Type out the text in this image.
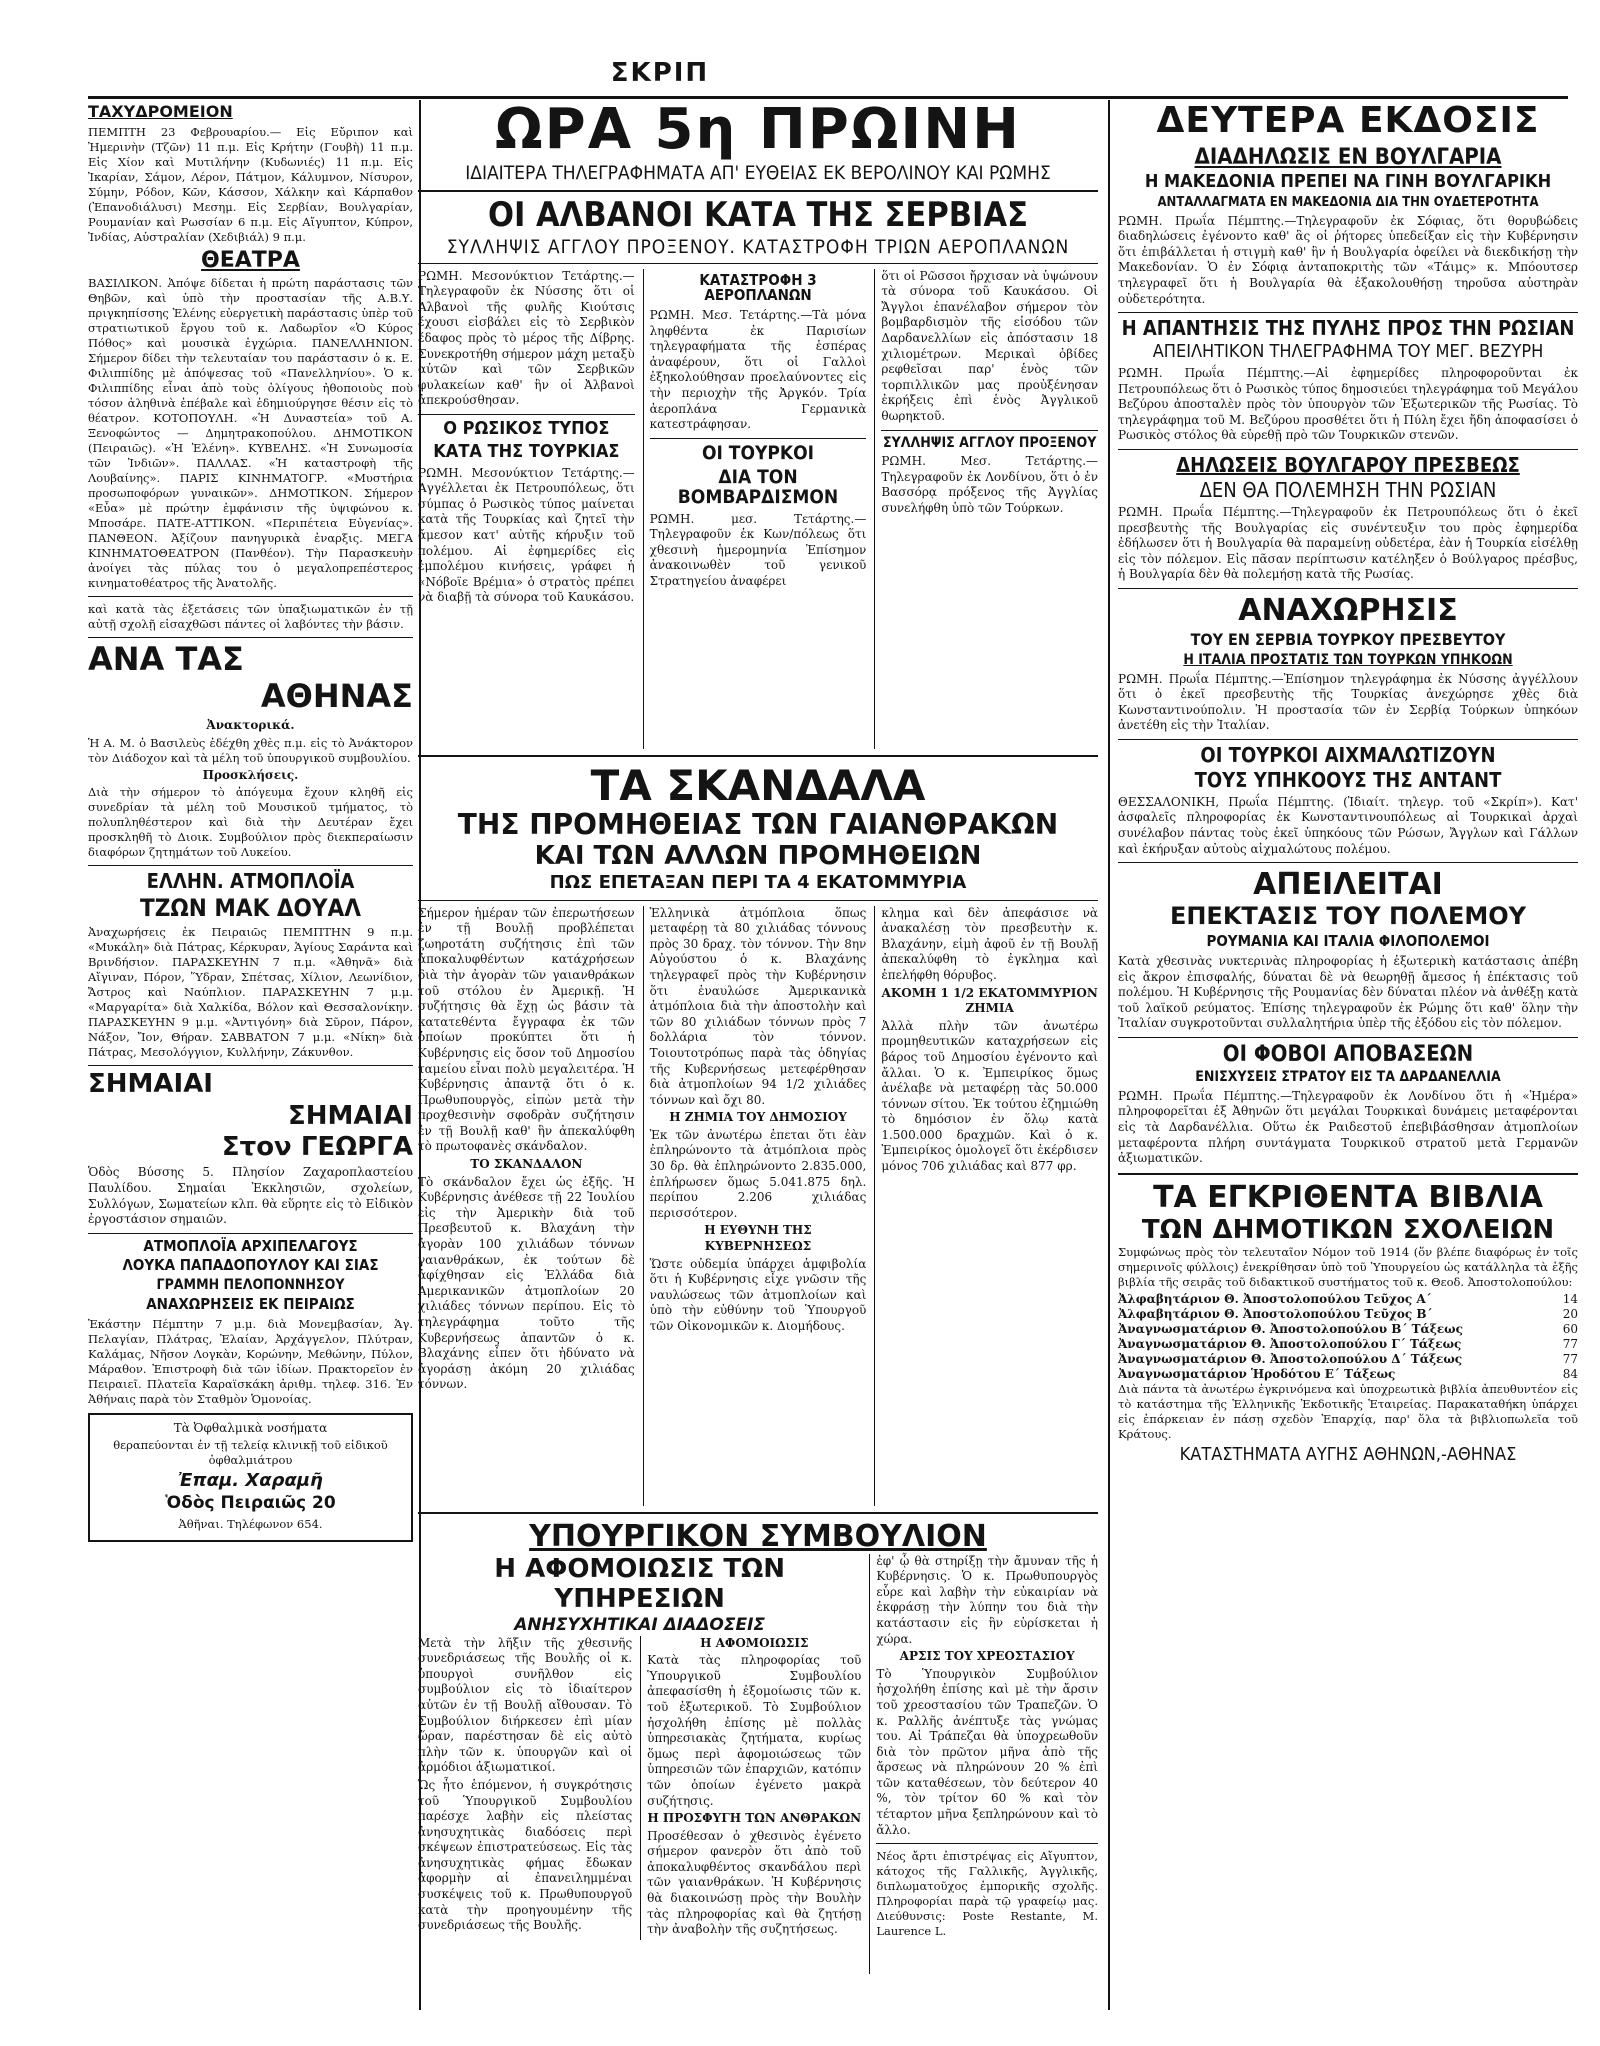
ΣΚΡΙΠ
ΤΑΧΥΔΡΟΜΕΙΟΝ

ΠΕΜΠΤΗ 23 Φεβρουαρίου.— Εἰς Εὔριπον καὶ Ἠμερινὴν (Τζῶν) 11 π.μ. Εἰς Κρήτην (Γουβὴ) 11 π.μ. Εἰς Χίον καὶ Μυτιλήνην (Κυδωνιές) 11 π.μ. Εἰς Ἰκαρίαν, Σάμον, Λέρον, Πάτμον, Κάλυμνον, Νίσυρον, Σύμην, Ρόδον, Κῶν, Κάσσον, Χάλκην καὶ Κάρπαθον (Ἐπανοδιάλυσι) Μεσημ. Εἰς Σερβίαν, Βουλγαρίαν, Ρουμανίαν καὶ Ρωσσίαν 6 π.μ. Εἰς Αἴγυπτον, Κύπρον, Ἰνδίας, Αὐστραλίαν (Χεδιβιάλ) 9 π.μ.

ΘΕΑΤΡΑ

ΒΑΣΙΛΙΚΟΝ. Ἀπόψε δίδεται ἡ πρώτη παράστασις τῶν Θηβῶν, καὶ ὑπὸ τὴν προστασίαν τῆς Α.Β.Υ. πριγκηπίσσης Ἑλένης εὐεργετικὴ παράστασις ὑπὲρ τοῦ στρατιωτικοῦ ἔργου τοῦ κ. Λαδωρῖον «Ὁ Κύρος Πόθος» καὶ μουσικὰ ἐγχώρια. ΠΑΝΕΛΛΗΝΙΟΝ. Σήμερον δίδει τὴν τελευταίαν του παράστασιν ὁ κ. Ε. Φιλιππίδης μὲ ἀπόψεσας τοῦ «Πανελληνίου». Ὁ κ. Φιλιππίδης εἶναι ἀπὸ τοὺς ὀλίγους ἠθοποιοὺς ποὺ τόσον ἀληθινὰ ἐπέβαλε καὶ ἐδημιούργησε θέσιν εἰς τὸ θέατρον. ΚΟΤΟΠΟΥΛΗ. «Ἡ Δυναστεία» τοῦ Α. Ξενοφώντος — Δημητρακοπούλου. ΔΗΜΟΤΙΚΟΝ (Πειραιῶς). «Ἡ Ἑλένη». ΚΥΒΕΛΗΣ. «Ἡ Συνωμοσία τῶν Ἰνδιῶν». ΠΑΛΛΑΣ. «Ἡ καταστροφὴ τῆς Λουβαίνης». ΠΑΡΙΣ ΚΙΝΗΜΑΤΟΓΡ. «Μυστήρια προσωποφόρων γυναικῶν». ΔΗΜΟΤΙΚΟΝ. Σήμερον «Εὖα» μὲ πρώτην ἐμφάνισιν τῆς ὑψιφώνου κ. Μποσάρε. ΠΑΤΕ-ΑΤΤΙΚΟΝ. «Περιπέτεια Εὐγενίας». ΠΑΝΘΕΟΝ. Ἀξίζουν πανηγυρικὰ ἐναρξις. ΜΕΓΑ ΚΙΝΗΜΑΤΟΘΕΑΤΡΟΝ (Πανθέον). Τὴν Παρασκευὴν ἀνοίγει τὰς πύλας του ὁ μεγαλοπρεπέστερος κινηματοθέατρος τῆς Ἀνατολῆς.

καὶ κατὰ τὰς ἐξετάσεις τῶν ὑπαξιωματικῶν ἐν τῇ αὐτῇ σχολῇ εἰσαχθῶσι πάντες οἱ λαβόντες τὴν βάσιν.

ΑΝΑ ΤΑΣ
ΑΘΗΝΑΣ
Ἀνακτορικά.

Ἡ Α. Μ. ὁ Βασιλεὺς ἐδέχθη χθὲς π.μ. εἰς τὸ Ἀνάκτορον τὸν Διάδοχον καὶ τὰ μέλη τοῦ ὑπουργικοῦ συμβουλίου.

Προσκλήσεις.

Διὰ τὴν σήμερον τὸ ἀπόγευμα ἔχουν κληθῆ εἰς συνεδρίαν τὰ μέλη τοῦ Μουσικοῦ τμήματος, τὸ πολυπληθέστερον καὶ διὰ τὴν Δευτέραν ἔχει προσκληθῆ τὸ Διοικ. Συμβούλιον πρὸς διεκπεραίωσιν διαφόρων ζητημάτων τοῦ Λυκείου.

ΕΛΛΗΝ. ΑΤΜΟΠΛΟΪΑ
ΤΖΩΝ ΜΑΚ ΔΟΥΑΛ

Ἀναχωρήσεις ἐκ Πειραιῶς ΠΕΜΠΤΗΝ 9 π.μ. «Μυκάλη» διὰ Πάτρας, Κέρκυραν, Ἁγίους Σαράντα καὶ Βρινδήσιον. ΠΑΡΑΣΚΕΥΗΝ 7 π.μ. «Ἀθηνᾶ» διὰ Αἴγιναν, Πόρον, Ὕδραν, Σπέτσας, Χίλιον, Λεωνίδιον, Ἄστρος καὶ Ναύπλιον. ΠΑΡΑΣΚΕΥΗΝ 7 μ.μ. «Μαργαρίτα» διὰ Χαλκίδα, Βόλον καὶ Θεσσαλονίκην. ΠΑΡΑΣΚΕΥΗΝ 9 μ.μ. «Ἀντιγόνη» διὰ Σῦρον, Πάρον, Νάξον, Ἴον, Θήραν. ΣΑΒΒΑΤΟΝ 7 μ.μ. «Νίκη» διὰ Πάτρας, Μεσολόγγιον, Κυλλήνην, Ζάκυνθον.

ΣΗΜΑΙΑΙ
ΣΗΜΑΙΑΙ
Στον ΓΕΩΡΓΑ

Ὁδὸς Βύσσης 5. Πλησίον Ζαχαροπλαστείου Παυλίδου. Σημαίαι Ἐκκλησιῶν, σχολείων, Συλλόγων, Σωματείων κλπ. θὰ εὕρητε εἰς τὸ Εἰδικὸν ἐργοστάσιον σημαιῶν.

ΑΤΜΟΠΛΟΪΑ ΑΡΧΙΠΕΛΑΓΟΥΣ
ΛΟΥΚΑ ΠΑΠΑΔΟΠΟΥΛΟΥ ΚΑΙ ΣΙΑΣ
ΓΡΑΜΜΗ ΠΕΛΟΠΟΝΝΗΣΟΥ
ΑΝΑΧΩΡΗΣΕΙΣ ΕΚ ΠΕΙΡΑΙΩΣ

Ἐκάστην Πέμπτην 7 μ.μ. διὰ Μονεμβασίαν, Ἁγ. Πελαγίαν, Πλάτρας, Ἐλαίαν, Ἀρχάγγελον, Πλύτραν, Καλάμας, Νῆσον Λογκὰν, Κορώνην, Μεθώνην, Πύλον, Μάραθον. Ἐπιστροφὴ διὰ τῶν ἰδίων. Πρακτορεῖον ἐν Πειραιεῖ. Πλατεῖα Καραϊσκάκη ἀριθμ. τηλεφ. 316. Ἐν Ἀθήναις παρὰ τὸν Σταθμὸν Ὁμονοίας.

Τὰ Ὀφθαλμικὰ νοσήματα
θεραπεύονται ἐν τῇ τελείᾳ κλινικῇ τοῦ εἰδικοῦ ὀφθαλμιάτρου
Ἐπαμ. Χαραμῆ
Ὁδὸς Πειραιῶς 20
Ἀθῆναι. Τηλέφωνον 654.
ΩΡΑ 5η ΠΡΩΙΝΗ
ΙΔΙΑΙΤΕΡΑ ΤΗΛΕΓΡΑΦΗΜΑΤΑ ΑΠ' ΕΥΘΕΙΑΣ ΕΚ ΒΕΡΟΛΙΝΟΥ ΚΑΙ ΡΩΜΗΣ
ΟΙ ΑΛΒΑΝΟΙ ΚΑΤΑ ΤΗΣ ΣΕΡΒΙΑΣ
ΣΥΛΛΗΨΙΣ ΑΓΓΛΟΥ ΠΡΟΞΕΝΟΥ. ΚΑΤΑΣΤΡΟΦΗ ΤΡΙΩΝ ΑΕΡΟΠΛΑΝΩΝ

ΡΩΜΗ. Μεσονύκτιον Τετάρτης.—Τηλεγραφοῦν ἐκ Νύσσης ὅτι οἱ Ἀλβανοὶ τῆς φυλῆς Κιούτσις ἔχουσι εἰσβάλει εἰς τὸ Σερβικὸν ἔδαφος πρὸς τὸ μέρος τῆς Δίβρης. Συνεκροτήθη σήμερον μάχη μεταξὺ αὐτῶν καὶ τῶν Σερβικῶν φυλακείων καθ' ἣν οἱ Ἀλβανοὶ ἀπεκρούσθησαν.

Ο ΡΩΣΙΚΟΣ ΤΥΠΟΣ
ΚΑΤΑ ΤΗΣ ΤΟΥΡΚΙΑΣ

ΡΩΜΗ. Μεσονύκτιον Τετάρτης.—Ἀγγέλλεται ἐκ Πετρουπόλεως, ὅτι σύμπας ὁ Ρωσικὸς τύπος μαίνεται κατὰ τῆς Τουρκίας καὶ ζητεῖ τὴν ἄμεσον κατ' αὐτῆς κήρυξιν τοῦ πολέμου. Αἱ ἐφημερίδες εἰς ἐμπολέμου κινήσεις, γράφει ἡ «Νόβοϊε Βρέμια» ὁ στρατὸς πρέπει νὰ διαβῇ τὰ σύνορα τοῦ Καυκάσου.

ΚΑΤΑΣΤΡΟΦΗ 3 ΑΕΡΟΠΛΑΝΩΝ

ΡΩΜΗ. Μεσ. Τετάρτης.—Τὰ μόνα ληφθέντα ἐκ Παρισίων τηλεγραφήματα τῆς ἑσπέρας ἀναφέρουν, ὅτι οἱ Γαλλοὶ ἐξηκολούθησαν προελαύνοντες εἰς τὴν περιοχὴν τῆς Ἀργκόν. Τρία ἀεροπλάνα Γερμανικὰ κατεστράφησαν.

ΟΙ ΤΟΥΡΚΟΙ
ΔΙΑ ΤΟΝ ΒΟΜΒΑΡΔΙΣΜΟΝ

ΡΩΜΗ. μεσ. Τετάρτης.—Τηλεγραφοῦν ἐκ Κων/πόλεως ὅτι χθεσινὴ ἡμερομηνία Ἐπίσημον ἀνακοινωθὲν τοῦ γενικοῦ Στρατηγείου ἀναφέρει

ὅτι οἱ Ρῶσσοι ἤρχισαν νὰ ὑψώνουν τὰ σύνορα τοῦ Καυκάσου. Οἱ Ἄγγλοι ἐπανέλαβον σήμερον τὸν βομβαρδισμὸν τῆς εἰσόδου τῶν Δαρδανελλίων εἰς ἀπόστασιν 18 χιλιομέτρων. Μερικαὶ ὀβίδες ρεφθεῖσαι παρ' ἑνὸς τῶν τορπιλλικῶν μας προὐξένησαν ἐκρήξεις ἐπὶ ἑνὸς Ἀγγλικοῦ θωρηκτοῦ.

ΣΥΛΛΗΨΙΣ ΑΓΓΛΟΥ ΠΡΟΞΕΝΟΥ

ΡΩΜΗ. Μεσ. Τετάρτης.—Τηλεγραφοῦν ἐκ Λονδίνου, ὅτι ὁ ἐν Βασσόρᾳ πρόξενος τῆς Ἀγγλίας συνελήφθη ὑπὸ τῶν Τούρκων.

ΤΑ ΣΚΑΝΔΑΛΑ
ΤΗΣ ΠΡΟΜΗΘΕΙΑΣ ΤΩΝ ΓΑΙΑΝΘΡΑΚΩΝ
ΚΑΙ ΤΩΝ ΑΛΛΩΝ ΠΡΟΜΗΘΕΙΩΝ
ΠΩΣ ΕΠΕΤΑΞΑΝ ΠΕΡΙ ΤΑ 4 ΕΚΑΤΟΜΜΥΡΙΑ

Σήμερον ἡμέραν τῶν ἐπερωτήσεων ἐν τῇ Βουλῇ προβλέπεται ζωηροτάτη συζήτησις ἐπὶ τῶν ἀποκαλυφθέντων κατάχρήσεων διὰ τὴν ἀγορὰν τῶν γαιανθράκων τοῦ στόλου ἐν Ἀμερικῇ. Ἡ συζήτησις θὰ ἔχῃ ὡς βάσιν τὰ κατατεθέντα ἔγγραφα ἐκ τῶν ὁποίων προκύπτει ὅτι ἡ Κυβέρνησις εἰς ὅσον τοῦ Δημοσίου ταμείου εἶναι πολὺ μεγαλειτέρα. Ἡ Κυβέρνησις ἀπαντᾷ ὅτι ὁ κ. Πρωθυπουργὸς, εἰπὼν μετὰ τὴν προχθεσινὴν σφοδρὰν συζήτησιν ἐν τῇ Βουλῇ καθ' ἣν ἀπεκαλύφθη τὸ πρωτοφανὲς σκάνδαλον.

ΤΟ ΣΚΑΝΔΑΛΟΝ

Τὸ σκάνδαλον ἔχει ὡς ἐξῆς. Ἡ Κυβέρνησις ἀνέθεσε τῇ 22 Ἰουλίου εἰς τὴν Ἀμερικὴν διὰ τοῦ Πρεσβευτοῦ κ. Βλαχάνη τὴν ἀγορὰν 100 χιλιάδων τόννων γαιανθράκων, ἐκ τούτων δὲ ἀφίχθησαν εἰς Ἑλλάδα διὰ Ἀμερικανικῶν ἀτμοπλοίων 20 χιλιάδες τόννων περίπου. Εἰς τὸ τηλεγράφημα τοῦτο τῆς Κυβερνήσεως ἀπαντῶν ὁ κ. Βλαχάνης εἶπεν ὅτι ἠδύνατο νὰ ἀγοράσῃ ἀκόμη 20 χιλιάδας τόννων.

Ἑλληνικὰ ἀτμόπλοια ὅπως μεταφέρῃ τὰ 80 χιλιάδας τόννους πρὸς 30 δραχ. τὸν τόννον. Τὴν 8ην Αὐγούστου ὁ κ. Βλαχάνης τηλεγραφεῖ πρὸς τὴν Κυβέρνησιν ὅτι ἐναυλώσε Ἀμερικανικὰ ἀτμόπλοια διὰ τὴν ἀποστολὴν καὶ τῶν 80 χιλιάδων τόννων πρὸς 7 δολλάρια τὸν τόννον. Τοιουτοτρόπως παρὰ τὰς ὁδηγίας τῆς Κυβερνήσεως μετεφέρθησαν διὰ ἀτμοπλοίων 94 1/2 χιλιάδες τόννων καὶ ὄχι 80.

Η ΖΗΜΙΑ ΤΟΥ ΔΗΜΟΣΙΟΥ

Ἐκ τῶν ἀνωτέρω ἐπεται ὅτι ἐὰν ἐπληρώνοντο τὰ ἀτμόπλοια πρὸς 30 δρ. θὰ ἐπληρώνοντο 2.835.000, ἐπλήρωσεν ὅμως 5.041.875 δηλ. περίπου 2.206 χιλιάδας περισσότερον.

Η ΕΥΘΥΝΗ ΤΗΣ ΚΥΒΕΡΝΗΣΕΩΣ

Ὥστε οὐδεμία ὑπάρχει ἀμφιβολία ὅτι ἡ Κυβέρνησις εἶχε γνῶσιν τῆς ναυλώσεως τῶν ἀτμοπλοίων καὶ ὑπὸ τὴν εὐθύνην τοῦ Ὑπουργοῦ τῶν Οἰκονομικῶν κ. Διομήδους.

κλημα καὶ δὲν ἀπεφάσισε νὰ ἀνακαλέσῃ τὸν πρεσβευτὴν κ. Βλαχάνην, εἰμὴ ἀφοῦ ἐν τῇ Βουλῇ ἀπεκαλύφθη τὸ ἐγκλημα καὶ ἐπελήφθη θόρυβος.

ΑΚΟΜΗ 1 1/2 ΕΚΑΤΟΜΜΥΡΙΟΝ ΖΗΜΙΑ

Ἀλλὰ πλὴν τῶν ἀνωτέρω προμηθευτικῶν καταχρήσεων εἰς βάρος τοῦ Δημοσίου ἐγένοντο καὶ ἄλλαι. Ὁ κ. Ἐμπειρίκος ὅμως ἀνέλαβε νὰ μεταφέρῃ τὰς 50.000 τόννων σίτου. Ἐκ τούτου ἐζημιώθη τὸ δημόσιον ἐν ὅλῳ κατὰ 1.500.000 δραχμῶν. Καὶ ὁ κ. Ἐμπειρίκος ὁμολογεῖ ὅτι ἐκέρδισεν μόνος 706 χιλιάδας καὶ 877 φρ.

ΥΠΟΥΡΓΙΚΟΝ ΣΥΜΒΟΥΛΙΟΝ
Η ΑΦΟΜΟΙΩΣΙΣ ΤΩΝ ΥΠΗΡΕΣΙΩΝ
ΑΝΗΣΥΧΗΤΙΚΑΙ ΔΙΑΔΟΣΕΙΣ

Μετὰ τὴν λῆξιν τῆς χθεσινῆς συνεδριάσεως τῆς Βουλῆς οἱ κ. ὑπουργοὶ συνῆλθον εἰς συμβούλιον εἰς τὸ ἰδιαίτερον αὐτῶν ἐν τῇ Βουλῇ αἴθουσαν. Τὸ Συμβούλιον διήρκεσεν ἐπὶ μίαν ὥραν, παρέστησαν δὲ εἰς αὐτὸ πλὴν τῶν κ. ὑπουργῶν καὶ οἱ ἀρμόδιοι ἀξιωματικοί.

Ὡς ἦτο ἑπόμενον, ἡ συγκρότησις τοῦ Ὑπουργικοῦ Συμβουλίου παρέσχε λαβὴν εἰς πλείστας ἀνησυχητικὰς διαδόσεις περὶ σκέψεων ἐπιστρατεύσεως. Εἰς τὰς ἀνησυχητικὰς φήμας ἔδωκαν ἀφορμὴν αἱ ἐπανειλημμέναι συσκέψεις τοῦ κ. Πρωθυπουργοῦ κατὰ τὴν προηγουμένην τῆς συνεδριάσεως τῆς Βουλῆς.

Η ΑΦΟΜΟΙΩΣΙΣ

Κατὰ τὰς πληροφορίας τοῦ Ὑπουργικοῦ Συμβουλίου ἀπεφασίσθη ἡ ἐξομοίωσις τῶν κ. τοῦ ἐξωτερικοῦ. Τὸ Συμβούλιον ἠσχολήθη ἐπίσης μὲ πολλὰς ὑπηρεσιακὰς ζητήματα, κυρίως ὅμως περὶ ἀφομοιώσεως τῶν ὑπηρεσιῶν τῶν ἐπαρχιῶν, κατόπιν τῶν ὁποίων ἐγένετο μακρὰ συζήτησις.

Η ΠΡΟΣΦΥΓΗ ΤΩΝ ΑΝΘΡΑΚΩΝ

Προσέθεσαν ὁ χθεσινὸς ἐγένετο σήμερον φανερὸν ὅτι ἀπὸ τοῦ ἀποκαλυφθέντος σκανδάλου περὶ τῶν γαιανθράκων. Ἡ Κυβέρνησις θὰ διακοινώσῃ πρὸς τὴν Βουλὴν τὰς πληροφορίας καὶ θὰ ζητήσῃ τὴν ἀναβολὴν τῆς συζητήσεως.

ἐφ' ᾧ θὰ στηρίξῃ τὴν ἄμυναν τῆς ἡ Κυβέρνησις. Ὁ κ. Πρωθυπουργὸς εὗρε καὶ λαβὴν τὴν εὐκαιρίαν νὰ ἐκφράσῃ τὴν λύπην του διὰ τὴν κατάστασιν εἰς ἣν εὑρίσκεται ἡ χώρα.

ΑΡΣΙΣ ΤΟΥ ΧΡΕΟΣΤΑΣΙΟΥ

Τὸ Ὑπουργικὸν Συμβούλιον ἠσχολήθη ἐπίσης καὶ μὲ τὴν ἄρσιν τοῦ χρεοστασίου τῶν Τραπεζῶν. Ὁ κ. Ραλλῆς ἀνέπτυξε τὰς γνώμας του. Αἱ Τράπεζαι θὰ ὑποχρεωθοῦν διὰ τὸν πρῶτον μῆνα ἀπὸ τῆς ἄρσεως νὰ πληρώνουν 20 % ἐπὶ τῶν καταθέσεων, τὸν δεύτερον 40 %, τὸν τρίτον 60 % καὶ τὸν τέταρτον μῆνα ξεπληρώνουν καὶ τὸ ἄλλο.

Νέος ἄρτι ἐπιστρέψας εἰς Αἴγυπτον, κάτοχος τῆς Γαλλικῆς, Ἀγγλικῆς, διπλωματοῦχος ἐμπορικῆς σχολῆς. Πληροφορίαι παρὰ τῷ γραφείῳ μας. Διεύθυνσις: Poste Restante, M. Laurence L.

ΔΕΥΤΕΡΑ ΕΚΔΟΣΙΣ
ΔΙΑΔΗΛΩΣΙΣ ΕΝ ΒΟΥΛΓΑΡΙΑ
Η ΜΑΚΕΔΟΝΙΑ ΠΡΕΠΕΙ ΝΑ ΓΙΝΗ ΒΟΥΛΓΑΡΙΚΗ
ΑΝΤΑΛΛΑΓΜΑΤΑ ΕΝ ΜΑΚΕΔΟΝΙΑ ΔΙΑ ΤΗΝ ΟΥΔΕΤΕΡΟΤΗΤΑ

ΡΩΜΗ. Πρωΐα Πέμπτης.—Τηλεγραφοῦν ἐκ Σόφιας, ὅτι θορυβώδεις διαδηλώσεις ἐγένοντο καθ' ἃς οἱ ῥήτορες ὑπεδείξαν εἰς τὴν Κυβέρνησιν ὅτι ἐπιβάλλεται ἡ στιγμὴ καθ' ἣν ἡ Βουλγαρία ὀφείλει νὰ διεκδικήσῃ τὴν Μακεδονίαν. Ὁ ἐν Σόφιᾳ ἀνταποκριτὴς τῶν «Τάιμς» κ. Μπόουτσερ τηλεγραφεῖ ὅτι ἡ Βουλγαρία θὰ ἐξακολουθήσῃ τηροῦσα αὐστηρὰν οὐδετερότητα.

Η ΑΠΑΝΤΗΣΙΣ ΤΗΣ ΠΥΛΗΣ ΠΡΟΣ ΤΗΝ ΡΩΣΙΑΝ
ΑΠΕΙΛΗΤΙΚΟΝ ΤΗΛΕΓΡΑΦΗΜΑ ΤΟΥ ΜΕΓ. ΒΕΖΥΡΗ

ΡΩΜΗ. Πρωΐα Πέμπτης.—Αἱ ἐφημερίδες πληροφοροῦνται ἐκ Πετρουπόλεως ὅτι ὁ Ρωσικὸς τύπος δημοσιεύει τηλεγράφημα τοῦ Μεγάλου Βεζύρου ἀποσταλὲν πρὸς τὸν ὑπουργὸν τῶν Ἐξωτερικῶν τῆς Ρωσίας. Τὸ τηλεγράφημα τοῦ Μ. Βεζύρου προσθέτει ὅτι ἡ Πύλη ἔχει ἤδη ἀποφασίσει ὁ Ρωσικὸς στόλος θὰ εὑρεθῇ πρὸ τῶν Τουρκικῶν στενῶν.

ΔΗΛΩΣΕΙΣ ΒΟΥΛΓΑΡΟΥ ΠΡΕΣΒΕΩΣ
ΔΕΝ ΘΑ ΠΟΛΕΜΗΣΗ ΤΗΝ ΡΩΣΙΑΝ

ΡΩΜΗ. Πρωΐα Πέμπτης.—Τηλεγραφοῦν ἐκ Πετρουπόλεως ὅτι ὁ ἐκεῖ πρεσβευτὴς τῆς Βουλγαρίας εἰς συνέντευξιν του πρὸς ἐφημερίδα ἐδήλωσεν ὅτι ἡ Βουλγαρία θὰ παραμείνῃ οὐδετέρα, ἐὰν ἡ Τουρκία εἰσέλθῃ εἰς τὸν πόλεμον. Εἰς πᾶσαν περίπτωσιν κατέληξεν ὁ Βούλγαρος πρέσβυς, ἡ Βουλγαρία δὲν θὰ πολεμήσῃ κατὰ τῆς Ρωσίας.

ΑΝΑΧΩΡΗΣΙΣ
ΤΟΥ ΕΝ ΣΕΡΒΙΑ ΤΟΥΡΚΟΥ ΠΡΕΣΒΕΥΤΟΥ
Η ΙΤΑΛΙΑ ΠΡΟΣΤΑΤΙΣ ΤΩΝ ΤΟΥΡΚΩΝ ΥΠΗΚΟΩΝ

ΡΩΜΗ. Πρωΐα Πέμπτης.—Ἐπίσημον τηλεγράφημα ἐκ Νύσσης ἀγγέλλουν ὅτι ὁ ἐκεῖ πρεσβευτὴς τῆς Τουρκίας ἀνεχώρησε χθὲς διὰ Κωνσταντινούπολιν. Ἡ προστασία τῶν ἐν Σερβίᾳ Τούρκων ὑπηκόων ἀνετέθη εἰς τὴν Ἰταλίαν.

ΟΙ ΤΟΥΡΚΟΙ ΑΙΧΜΑΛΩΤΙΖΟΥΝ
ΤΟΥΣ ΥΠΗΚΟΟΥΣ ΤΗΣ ΑΝΤΑΝΤ

ΘΕΣΣΑΛΟΝΙΚΗ, Πρωΐα Πέμπτης. (Ἰδιαίτ. τηλεγρ. τοῦ «Σκρίπ»). Κατ' ἀσφαλεῖς πληροφορίας ἐκ Κωνσταντινουπόλεως αἱ Τουρκικαὶ ἀρχαὶ συνέλαβον πάντας τοὺς ἐκεῖ ὑπηκόους τῶν Ρώσων, Ἄγγλων καὶ Γάλλων καὶ ἐκήρυξαν αὐτοὺς αἰχμαλώτους πολέμου.

ΑΠΕΙΛΕΙΤΑΙ
ΕΠΕΚΤΑΣΙΣ ΤΟΥ ΠΟΛΕΜΟΥ
ΡΟΥΜΑΝΙΑ ΚΑΙ ΙΤΑΛΙΑ ΦΙΛΟΠΟΛΕΜΟΙ

Κατὰ χθεσινὰς νυκτερινὰς πληροφορίας ἡ ἐξωτερικὴ κατάστασις ἀπέβη εἰς ἄκρον ἐπισφαλής, δύναται δὲ νὰ θεωρηθῇ ἄμεσος ἡ ἐπέκτασις τοῦ πολέμου. Ἡ Κυβέρνησις τῆς Ρουμανίας δὲν δύναται πλέον νὰ ἀνθέξῃ κατὰ τοῦ λαϊκοῦ ρεύματος. Ἐπίσης τηλεγραφοῦν ἐκ Ρώμης ὅτι καθ' ὅλην τὴν Ἰταλίαν συγκροτοῦνται συλλαλητήρια ὑπὲρ τῆς ἐξόδου εἰς τὸν πόλεμον.

ΟΙ ΦΟΒΟΙ ΑΠΟΒΑΣΕΩΝ
ΕΝΙΣΧΥΣΕΙΣ ΣΤΡΑΤΟΥ ΕΙΣ ΤΑ ΔΑΡΔΑΝΕΛΛΙΑ

ΡΩΜΗ. Πρωΐα Πέμπτης.—Τηλεγραφοῦν ἐκ Λονδίνου ὅτι ἡ «Ἡμέρα» πληροφορεῖται ἐξ Ἀθηνῶν ὅτι μεγάλαι Τουρκικαὶ δυνάμεις μεταφέρονται εἰς τὰ Δαρδανέλλια. Οὕτω ἐκ Ραιδεστοῦ ἐπεβιβάσθησαν ἀτμοπλοίων μεταφέροντα πλήρη συντάγματα Τουρκικοῦ στρατοῦ μετὰ Γερμανῶν ἀξιωματικῶν.

ΤΑ ΕΓΚΡΙΘΕΝΤΑ ΒΙΒΛΙΑ
ΤΩΝ ΔΗΜΟΤΙΚΩΝ ΣΧΟΛΕΙΩΝ

Συμφώνως πρὸς τὸν τελευταῖον Νόμον τοῦ 1914 (ὅν βλέπε διαφόρως ἐν τοῖς σημερινοῖς φύλλοις) ἐνεκρίθησαν ὑπὸ τοῦ Ὑπουργείου ὡς κατάλληλα τὰ ἑξῆς βιβλία τῆς σειρᾶς τοῦ διδακτικοῦ συστήματος τοῦ κ. Θεοδ. Ἀποστολοπούλου:

Ἀλφαβητάριον Θ. Ἀποστολοπούλου Τεῦχος Α΄	14
Ἀλφαβητάριον Θ. Ἀποστολοπούλου Τεῦχος Β΄	20
Ἀναγνωσματάριον Θ. Ἀποστολοπούλου Β΄ Τάξεως	60
Ἀναγνωσματάριον Θ. Ἀποστολοπούλου Γ΄ Τάξεως	77
Ἀναγνωσματάριον Θ. Ἀποστολοπούλου Δ΄ Τάξεως	77
Ἀναγνωσματάριον Ἡροδότου Ε΄ Τάξεως	84

Διὰ πάντα τὰ ἀνωτέρω ἐγκρινόμενα καὶ ὑποχρεωτικὰ βιβλία ἀπευθυντέον εἰς τὸ κατάστημα τῆς Ἑλληνικῆς Ἐκδοτικῆς Ἑταιρείας. Παρακαταθήκη ὑπάρχει εἰς ἐπάρκειαν ἐν πάσῃ σχεδὸν Ἐπαρχίᾳ, παρ' ὅλα τὰ βιβλιοπωλεῖα τοῦ Κράτους.

ΚΑΤΑΣΤΗΜΑΤΑ ΑΥΓΗΣ ΑΘΗΝΩΝ,-ΑΘΗΝΑΣ
